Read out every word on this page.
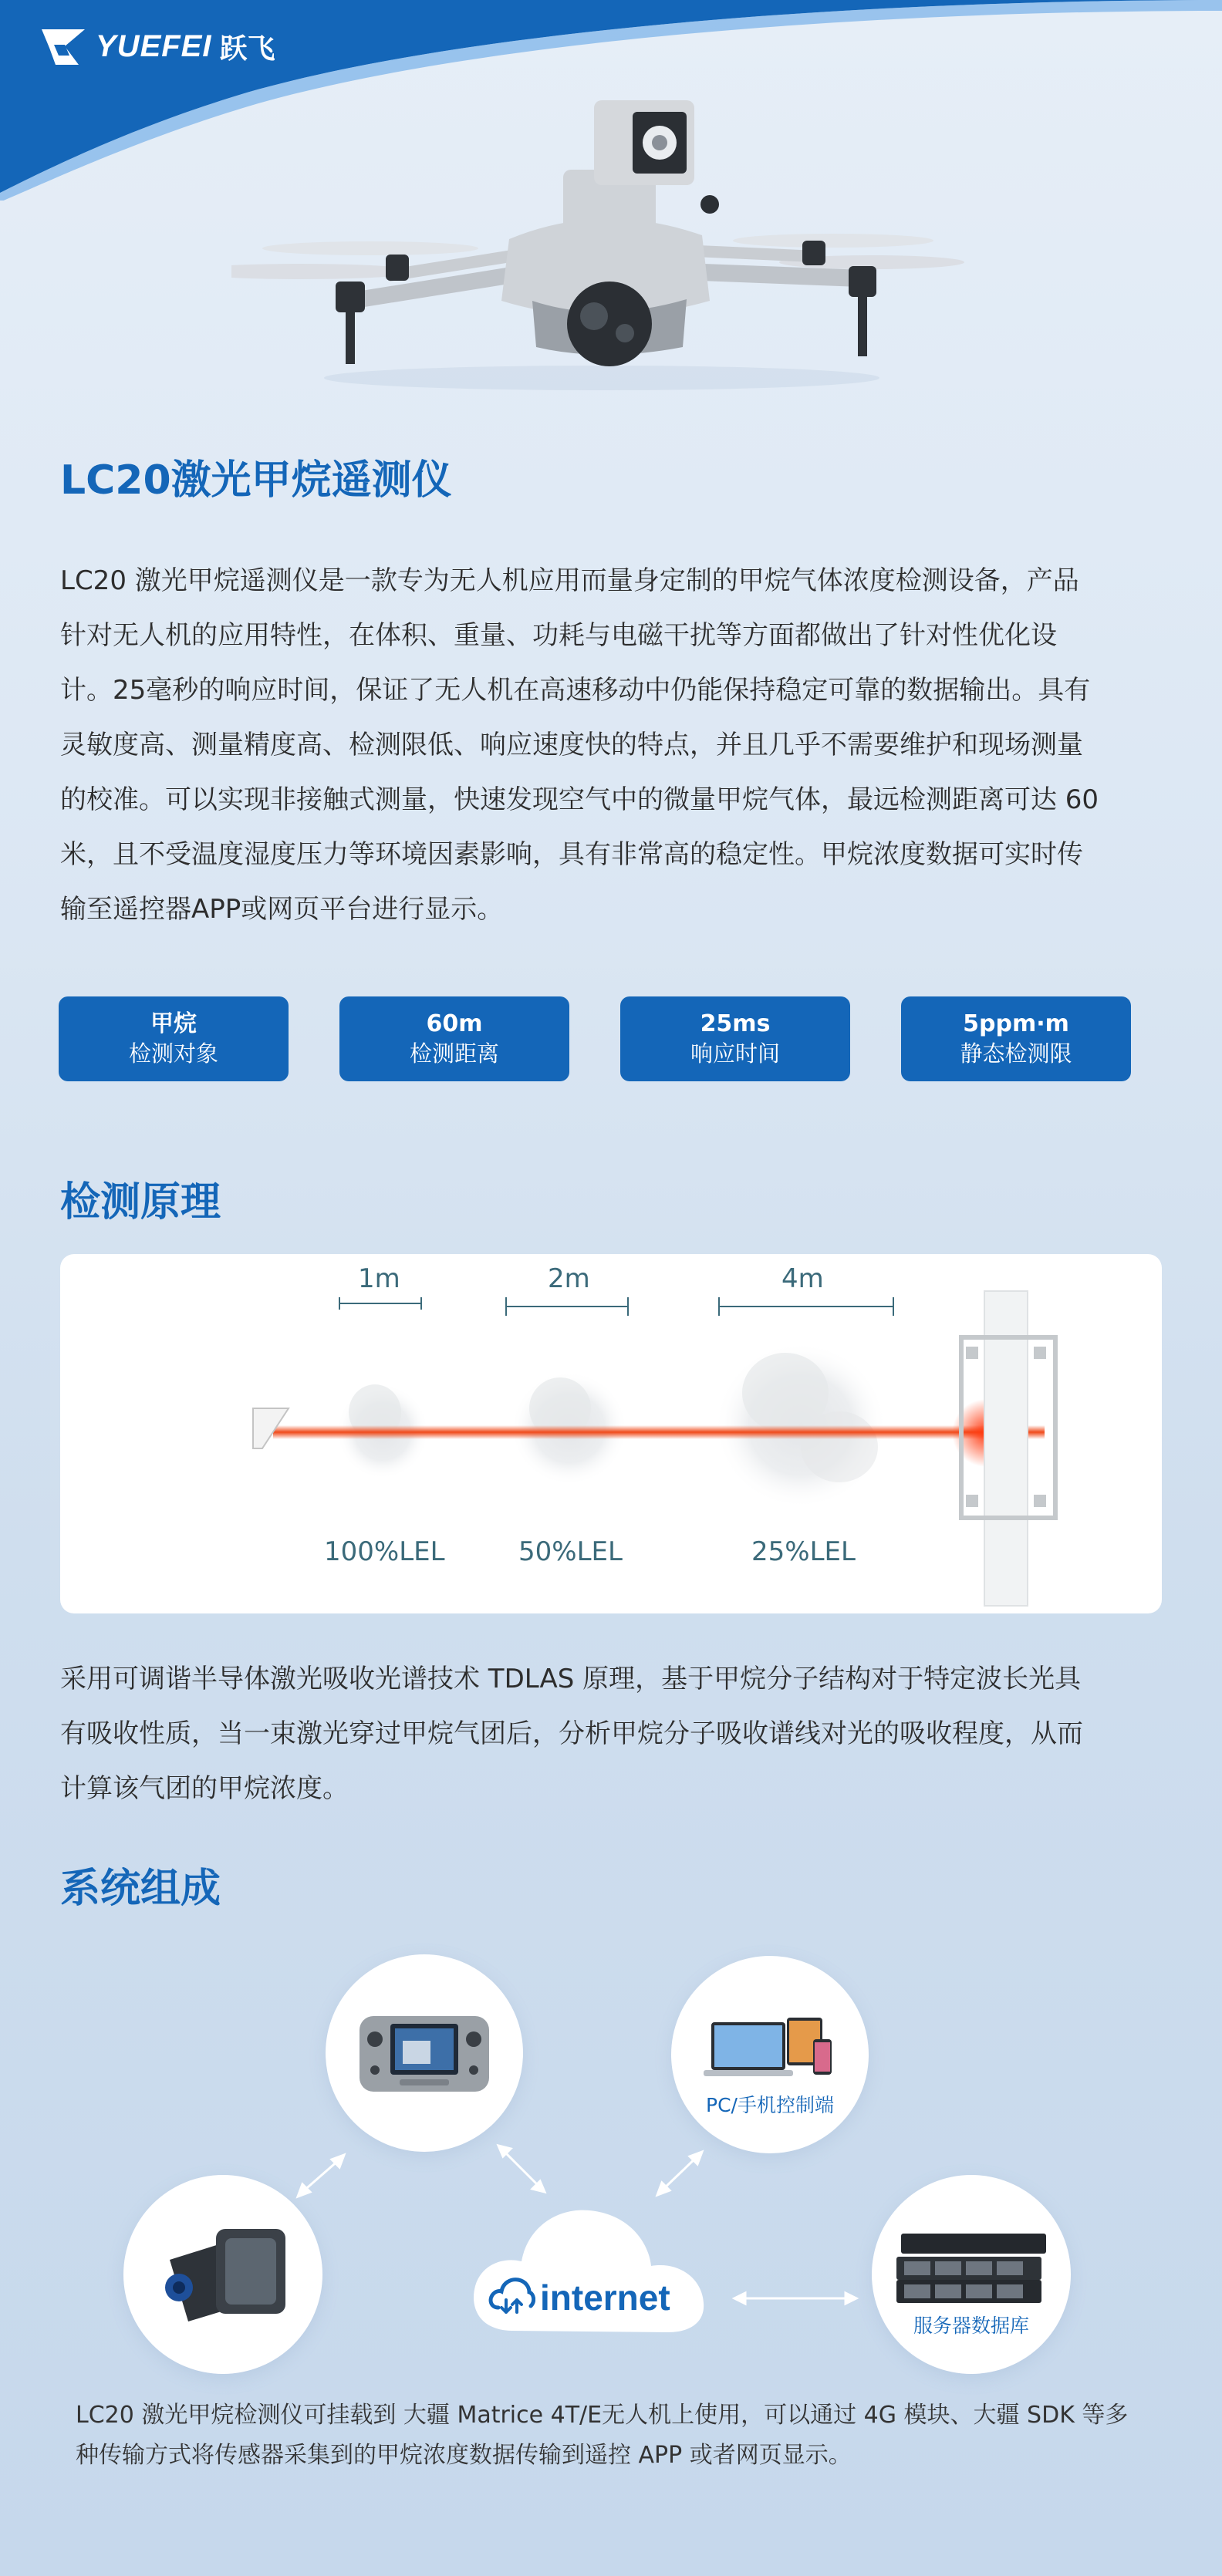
YUEFEI 跃飞
LC20激光甲烷遥测仪
LC20 激光甲烷遥测仪是一款专为无人机应用而量身定制的甲烷气体浓度检测设备，产品
针对无人机的应用特性，在体积、重量、功耗与电磁干扰等方面都做出了针对性优化设
计。25毫秒的响应时间，保证了无人机在高速移动中仍能保持稳定可靠的数据输出。具有
灵敏度高、测量精度高、检测限低、响应速度快的特点，并且几乎不需要维护和现场测量
的校准。可以实现非接触式测量，快速发现空气中的微量甲烷气体，最远检测距离可达 60
米，且不受温度湿度压力等环境因素影响，具有非常高的稳定性。甲烷浓度数据可实时传
输至遥控器APP或网页平台进行显示。
甲烷
检测对象
60m
检测距离
25ms
响应时间
5ppm·m
静态检测限
检测原理
1m	2m	4m
100%LEL	50%LEL	25%LEL
采用可调谐半导体激光吸收光谱技术 TDLAS 原理，基于甲烷分子结构对于特定波长光具
有吸收性质，当一束激光穿过甲烷气团后，分析甲烷分子吸收谱线对光的吸收程度，从而
计算该气团的甲烷浓度。
系统组成
PC/手机控制端
internet
服务器数据库
LC20 激光甲烷检测仪可挂载到 大疆 Matrice 4T/E无人机上使用，可以通过 4G 模块、大疆 SDK 等多
种传输方式将传感器采集到的甲烷浓度数据传输到遥控 APP 或者网页显示。
